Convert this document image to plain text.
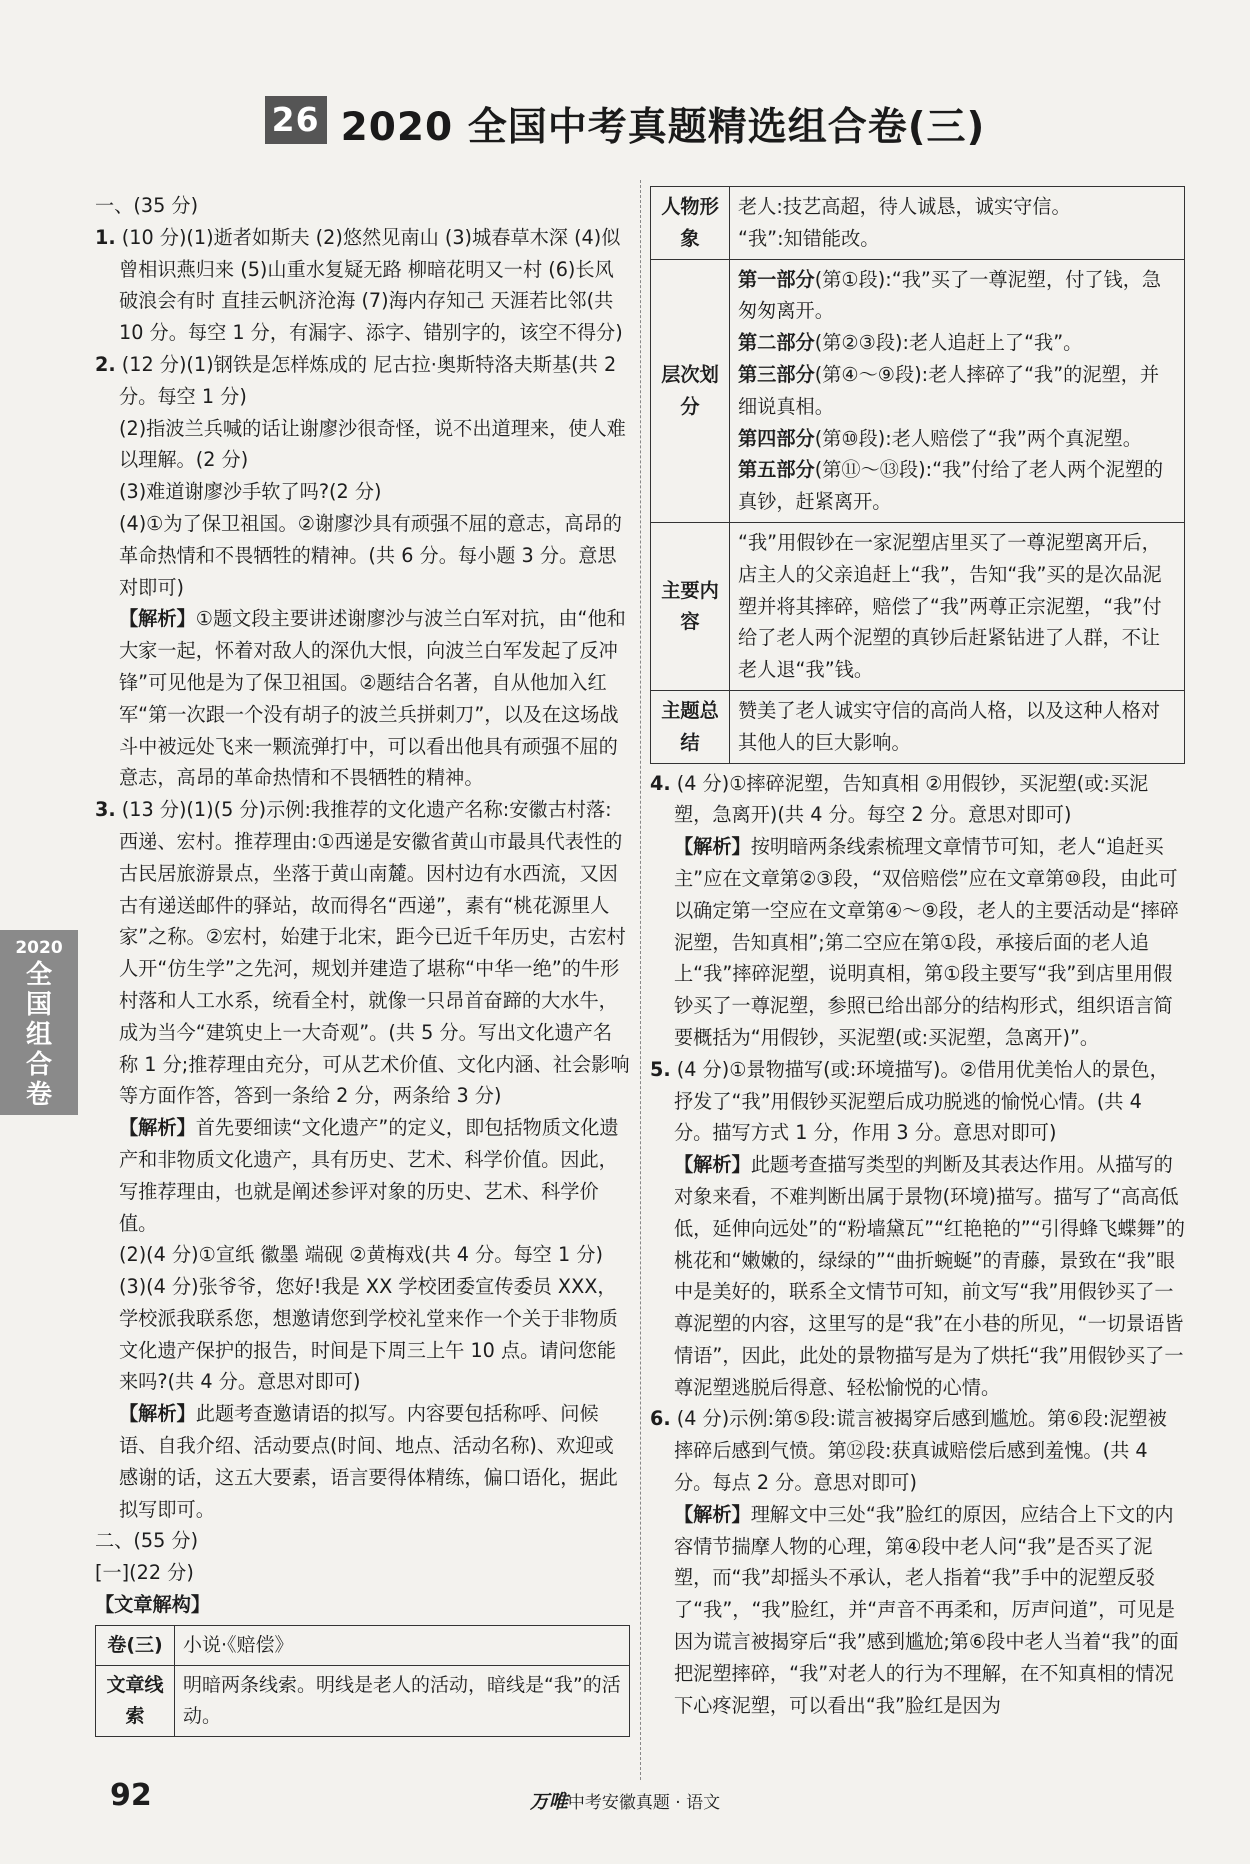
26 2020 全国中考真题精选组合卷(三)

一、(35 分)

1. (10 分)(1)逝者如斯夫 (2)悠然见南山 (3)城春草木深 (4)似曾相识燕归来 (5)山重水复疑无路 柳暗花明又一村 (6)长风破浪会有时 直挂云帆济沧海 (7)海内存知己 天涯若比邻(共 10 分。每空 1 分，有漏字、添字、错别字的，该空不得分)

2. (12 分)(1)钢铁是怎样炼成的 尼古拉·奥斯特洛夫斯基(共 2 分。每空 1 分)

(2)指波兰兵喊的话让谢廖沙很奇怪，说不出道理来，使人难以理解。(2 分)

(3)难道谢廖沙手软了吗?(2 分)

(4)①为了保卫祖国。②谢廖沙具有顽强不屈的意志，高昂的革命热情和不畏牺牲的精神。(共 6 分。每小题 3 分。意思对即可)

【解析】①题文段主要讲述谢廖沙与波兰白军对抗，由“他和大家一起，怀着对敌人的深仇大恨，向波兰白军发起了反冲锋”可见他是为了保卫祖国。②题结合名著，自从他加入红军“第一次跟一个没有胡子的波兰兵拼刺刀”，以及在这场战斗中被远处飞来一颗流弹打中，可以看出他具有顽强不屈的意志，高昂的革命热情和不畏牺牲的精神。

3. (13 分)(1)(5 分)示例:我推荐的文化遗产名称:安徽古村落:西递、宏村。推荐理由:①西递是安徽省黄山市最具代表性的古民居旅游景点，坐落于黄山南麓。因村边有水西流，又因古有递送邮件的驿站，故而得名“西递”，素有“桃花源里人家”之称。②宏村，始建于北宋，距今已近千年历史，古宏村人开“仿生学”之先河，规划并建造了堪称“中华一绝”的牛形村落和人工水系，统看全村，就像一只昂首奋蹄的大水牛，成为当今“建筑史上一大奇观”。(共 5 分。写出文化遗产名称 1 分;推荐理由充分，可从艺术价值、文化内涵、社会影响等方面作答，答到一条给 2 分，两条给 3 分)

【解析】首先要细读“文化遗产”的定义，即包括物质文化遗产和非物质文化遗产，具有历史、艺术、科学价值。因此，写推荐理由，也就是阐述参评对象的历史、艺术、科学价值。

(2)(4 分)①宣纸 徽墨 端砚 ②黄梅戏(共 4 分。每空 1 分)

(3)(4 分)张爷爷，您好!我是 XX 学校团委宣传委员 XXX，学校派我联系您，想邀请您到学校礼堂来作一个关于非物质文化遗产保护的报告，时间是下周三上午 10 点。请问您能来吗?(共 4 分。意思对即可)

【解析】此题考查邀请语的拟写。内容要包括称呼、问候语、自我介绍、活动要点(时间、地点、活动名称)、欢迎或感谢的话，这五大要素，语言要得体精练，偏口语化，据此拟写即可。

二、(55 分)

[一](22 分)

【文章解构】

卷(三)	小说·《赔偿》
文章线索	明暗两条线索。明线是老人的活动，暗线是“我”的活动。
人物形象	老人:技艺高超，待人诚恳，诚实守信。
“我”:知错能改。

层次划分	第一部分(第①段):“我”买了一尊泥塑，付了钱，急匆匆离开。
第二部分(第②③段):老人追赶上了“我”。
第三部分(第④～⑨段):老人摔碎了“我”的泥塑，并细说真相。
第四部分(第⑩段):老人赔偿了“我”两个真泥塑。
第五部分(第⑪～⑬段):“我”付给了老人两个泥塑的真钞，赶紧离开。

主要内容	“我”用假钞在一家泥塑店里买了一尊泥塑离开后，店主人的父亲追赶上“我”，告知“我”买的是次品泥塑并将其摔碎，赔偿了“我”两尊正宗泥塑，“我”付给了老人两个泥塑的真钞后赶紧钻进了人群，不让老人退“我”钱。
主题总结	赞美了老人诚实守信的高尚人格，以及这种人格对其他人的巨大影响。

4. (4 分)①摔碎泥塑，告知真相 ②用假钞，买泥塑(或:买泥塑，急离开)(共 4 分。每空 2 分。意思对即可)

【解析】按明暗两条线索梳理文章情节可知，老人“追赶买主”应在文章第②③段，“双倍赔偿”应在文章第⑩段，由此可以确定第一空应在文章第④～⑨段，老人的主要活动是“摔碎泥塑，告知真相”;第二空应在第①段，承接后面的老人追上“我”摔碎泥塑，说明真相，第①段主要写“我”到店里用假钞买了一尊泥塑，参照已给出部分的结构形式，组织语言简要概括为“用假钞，买泥塑(或:买泥塑，急离开)”。

5. (4 分)①景物描写(或:环境描写)。②借用优美怡人的景色，抒发了“我”用假钞买泥塑后成功脱逃的愉悦心情。(共 4 分。描写方式 1 分，作用 3 分。意思对即可)

【解析】此题考查描写类型的判断及其表达作用。从描写的对象来看，不难判断出属于景物(环境)描写。描写了“高高低低，延伸向远处”的“粉墙黛瓦”“红艳艳的”“引得蜂飞蝶舞”的桃花和“嫩嫩的，绿绿的”“曲折蜿蜒”的青藤，景致在“我”眼中是美好的，联系全文情节可知，前文写“我”用假钞买了一尊泥塑的内容，这里写的是“我”在小巷的所见，“一切景语皆情语”，因此，此处的景物描写是为了烘托“我”用假钞买了一尊泥塑逃脱后得意、轻松愉悦的心情。

6. (4 分)示例:第⑤段:谎言被揭穿后感到尴尬。第⑥段:泥塑被摔碎后感到气愤。第⑫段:获真诚赔偿后感到羞愧。(共 4 分。每点 2 分。意思对即可)

【解析】理解文中三处“我”脸红的原因，应结合上下文的内容情节揣摩人物的心理，第④段中老人问“我”是否买了泥塑，而“我”却摇头不承认，老人指着“我”手中的泥塑反驳了“我”，“我”脸红，并“声音不再柔和，厉声问道”，可见是因为谎言被揭穿后“我”感到尴尬;第⑥段中老人当着“我”的面把泥塑摔碎，“我”对老人的行为不理解，在不知真相的情况下心疼泥塑，可以看出“我”脸红是因为

2020
全国组合卷
92	万唯中考安徽真题 · 语文
